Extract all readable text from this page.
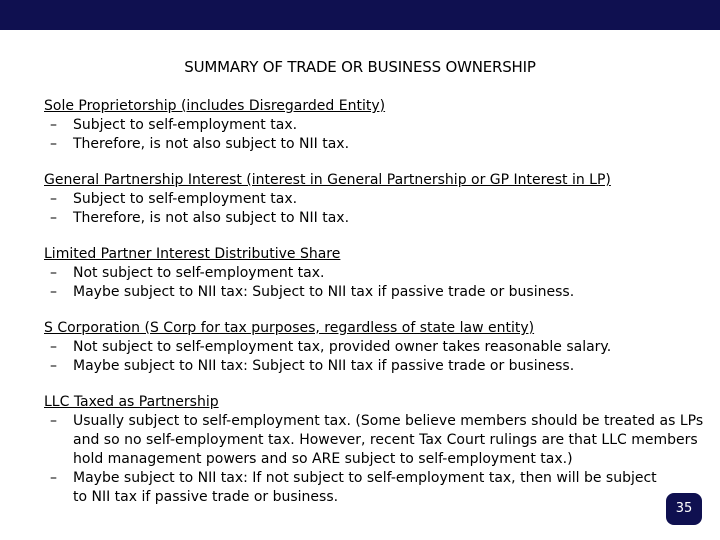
SUMMARY OF TRADE OR BUSINESS OWNERSHIP
Sole Proprietorship (includes Disregarded Entity)
– Subject to self-employment tax.
– Therefore, is not also subject to NII tax.
General Partnership Interest (interest in General Partnership or GP Interest in LP)
– Subject to self-employment tax.
– Therefore, is not also subject to NII tax.
Limited Partner Interest Distributive Share
– Not subject to self-employment tax.
– Maybe subject to NII tax: Subject to NII tax if passive trade or business.
S Corporation (S Corp for tax purposes, regardless of state law entity)
– Not subject to self-employment tax, provided owner takes reasonable salary.
– Maybe subject to NII tax: Subject to NII tax if passive trade or business.
LLC Taxed as Partnership
– Usually subject to self-employment tax. (Some believe members should be treated as LPs and so no self-employment tax. However, recent Tax Court rulings are that LLC members hold management powers and so ARE subject to self-employment tax.)
– Maybe subject to NII tax: If not subject to self-employment tax, then will be subject to NII tax if passive trade or business.
35
